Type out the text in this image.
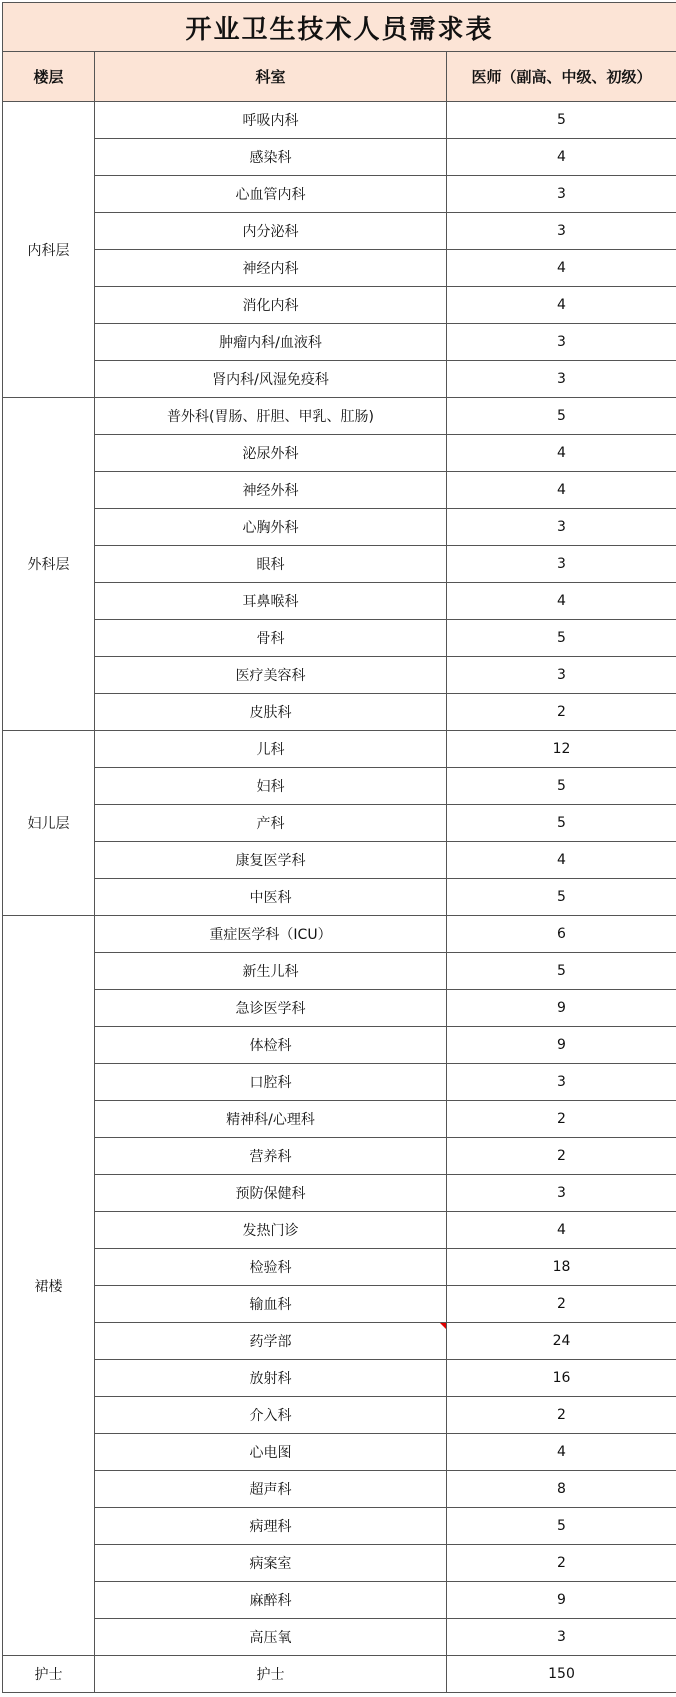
开业卫生技术人员需求表		
楼层	科室	医师（副高、中级、初级）
内科层	呼吸内科	5
	感染科	4
	心血管内科	3
	内分泌科	3
	神经内科	4
	消化内科	4
	肿瘤内科/血液科	3
	肾内科/风湿免疫科	3
外科层	普外科(胃肠、肝胆、甲乳、肛肠)	5
	泌尿外科	4
	神经外科	4
	心胸外科	3
	眼科	3
	耳鼻喉科	4
	骨科	5
	医疗美容科	3
	皮肤科	2
妇儿层	儿科	12
	妇科	5
	产科	5
	康复医学科	4
	中医科	5
裙楼	重症医学科（ICU）	6
	新生儿科	5
	急诊医学科	9
	体检科	9
	口腔科	3
	精神科/心理科	2
	营养科	2
	预防保健科	3
	发热门诊	4
	检验科	18
	输血科	2
	药学部	24
	放射科	16
	介入科	2
	心电图	4
	超声科	8
	病理科	5
	病案室	2
	麻醉科	9
	高压氧	3
护士	护士	150
